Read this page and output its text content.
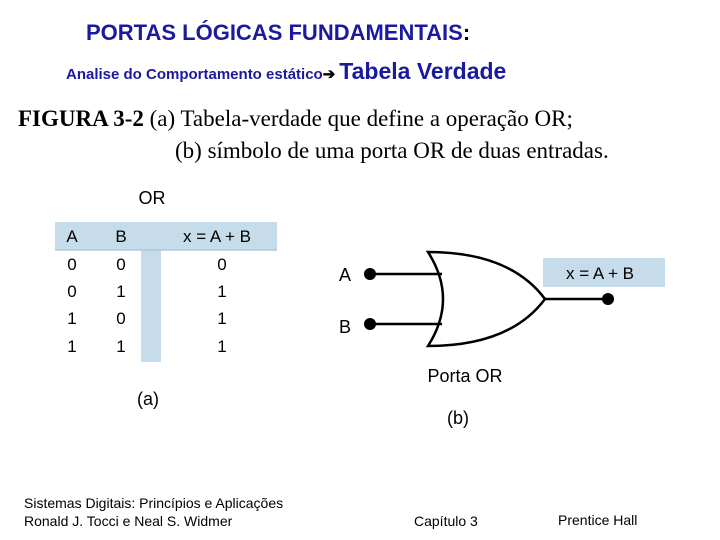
PORTAS LÓGICAS FUNDAMENTAIS:
Analise do Comportamento estático➔ Tabela Verdade
FIGURA 3-2 (a) Tabela-verdade que define a operação OR;
(b) símbolo de uma porta OR de duas entradas.
OR
A B	x = A + B
0 0	0
0 1	1
1 0	1
1 1	1
(a)
A
B
x = A + B
Porta OR
(b)
Sistemas Digitais: Princípios e Aplicações
Ronald J. Tocci e Neal S. Widmer	Capítulo 3	Prentice Hall
